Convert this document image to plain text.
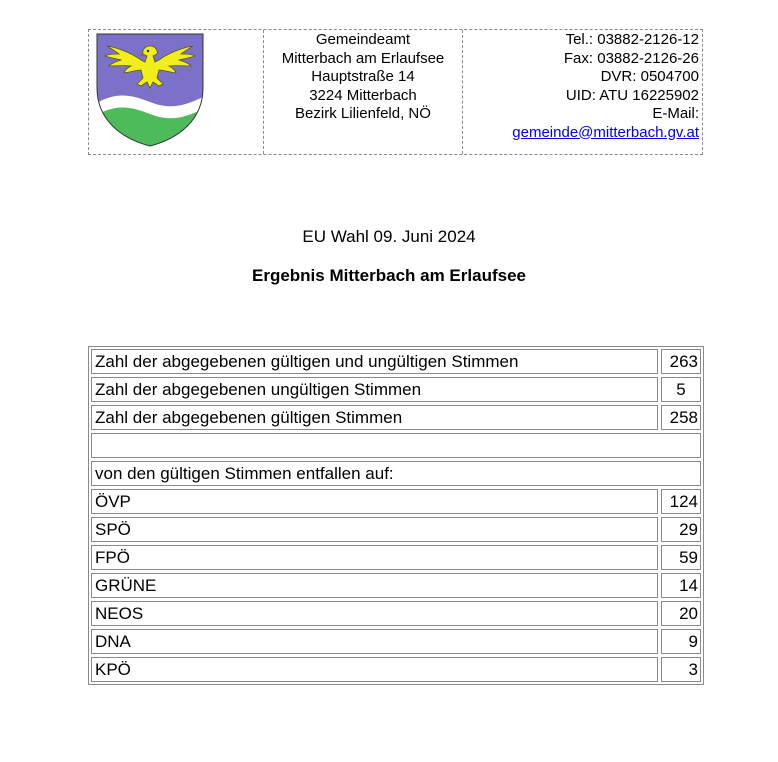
Gemeindeamt
Mitterbach am Erlaufsee
Hauptstraße 14
3224 Mitterbach
Bezirk Lilienfeld, NÖ
Tel.: 03882-2126-12
Fax: 03882-2126-26
DVR: 0504700
UID: ATU 16225902
E-Mail:
gemeinde@mitterbach.gv.at
EU Wahl 09. Juni 2024
Ergebnis Mitterbach am Erlaufsee
Zahl der abgegebenen gültigen und ungültigen Stimmen	263
Zahl der abgegebenen ungültigen Stimmen	5
Zahl der abgegebenen gültigen Stimmen	258
von den gültigen Stimmen entfallen auf:
ÖVP	124
SPÖ	29
FPÖ	59
GRÜNE	14
NEOS	20
DNA	9
KPÖ	3
